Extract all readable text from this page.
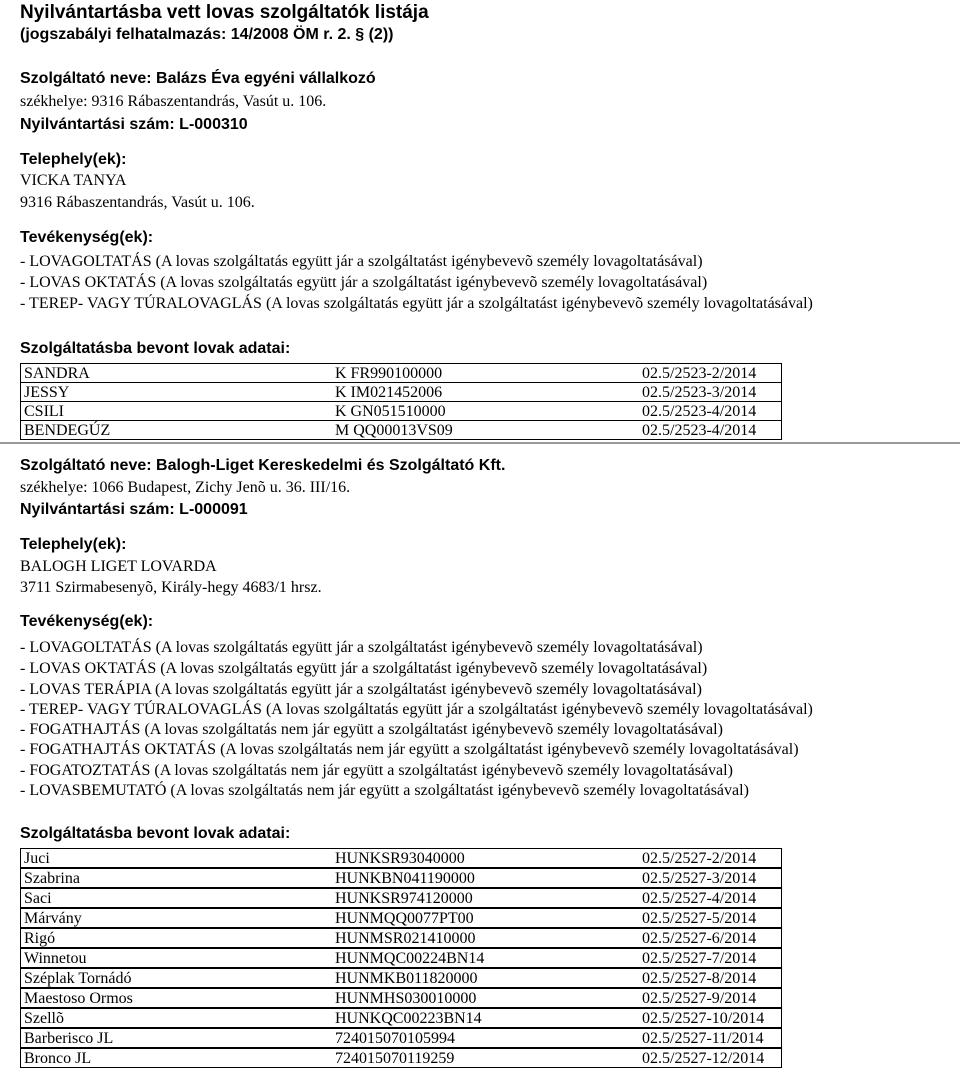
Nyilvántartásba vett lovas szolgáltatók listája
(jogszabályi felhatalmazás: 14/2008 ÖM r. 2. § (2))
Szolgáltató neve: Balázs Éva egyéni vállalkozó
székhelye: 9316 Rábaszentandrás, Vasút u. 106.
Nyilvántartási szám: L-000310
Telephely(ek):
VICKA TANYA
9316 Rábaszentandrás, Vasút u. 106.
Tevékenység(ek):
- LOVAGOLTATÁS (A lovas szolgáltatás együtt jár a szolgáltatást igénybevevõ személy lovagoltatásával)
- LOVAS OKTATÁS (A lovas szolgáltatás együtt jár a szolgáltatást igénybevevõ személy lovagoltatásával)
- TEREP- VAGY TÚRALOVAGLÁS (A lovas szolgáltatás együtt jár a szolgáltatást igénybevevõ személy lovagoltatásával)
Szolgáltatásba bevont lovak adatai:
SANDRA	K FR990100000	02.5/2523-2/2014
JESSY	K IM021452006	02.5/2523-3/2014
CSILI	K GN051510000	02.5/2523-4/2014
BENDEGÚZ	M QQ00013VS09	02.5/2523-4/2014
Szolgáltató neve: Balogh-Liget Kereskedelmi és Szolgáltató Kft.
székhelye: 1066 Budapest, Zichy Jenõ u. 36. III/16.
Nyilvántartási szám: L-000091
Telephely(ek):
BALOGH LIGET LOVARDA
3711 Szirmabesenyõ, Király-hegy 4683/1 hrsz.
Tevékenység(ek):
- LOVAGOLTATÁS (A lovas szolgáltatás együtt jár a szolgáltatást igénybevevõ személy lovagoltatásával)
- LOVAS OKTATÁS (A lovas szolgáltatás együtt jár a szolgáltatást igénybevevõ személy lovagoltatásával)
- LOVAS TERÁPIA (A lovas szolgáltatás együtt jár a szolgáltatást igénybevevõ személy lovagoltatásával)
- TEREP- VAGY TÚRALOVAGLÁS (A lovas szolgáltatás együtt jár a szolgáltatást igénybevevõ személy lovagoltatásával)
- FOGATHAJTÁS (A lovas szolgáltatás nem jár együtt a szolgáltatást igénybevevõ személy lovagoltatásával)
- FOGATHAJTÁS OKTATÁS (A lovas szolgáltatás nem jár együtt a szolgáltatást igénybevevõ személy lovagoltatásával)
- FOGATOZTATÁS (A lovas szolgáltatás nem jár együtt a szolgáltatást igénybevevõ személy lovagoltatásával)
- LOVASBEMUTATÓ (A lovas szolgáltatás nem jár együtt a szolgáltatást igénybevevõ személy lovagoltatásával)
Szolgáltatásba bevont lovak adatai:
Juci	HUNKSR93040000	02.5/2527-2/2014
Szabrina	HUNKBN041190000	02.5/2527-3/2014
Saci	HUNKSR974120000	02.5/2527-4/2014
Márvány	HUNMQQ0077PT00	02.5/2527-5/2014
Rigó	HUNMSR021410000	02.5/2527-6/2014
Winnetou	HUNMQC00224BN14	02.5/2527-7/2014
Széplak Tornádó	HUNMKB011820000	02.5/2527-8/2014
Maestoso Ormos	HUNMHS030010000	02.5/2527-9/2014
Szellõ	HUNKQC00223BN14	02.5/2527-10/2014
Barberisco JL	724015070105994	02.5/2527-11/2014
Bronco JL	724015070119259	02.5/2527-12/2014
